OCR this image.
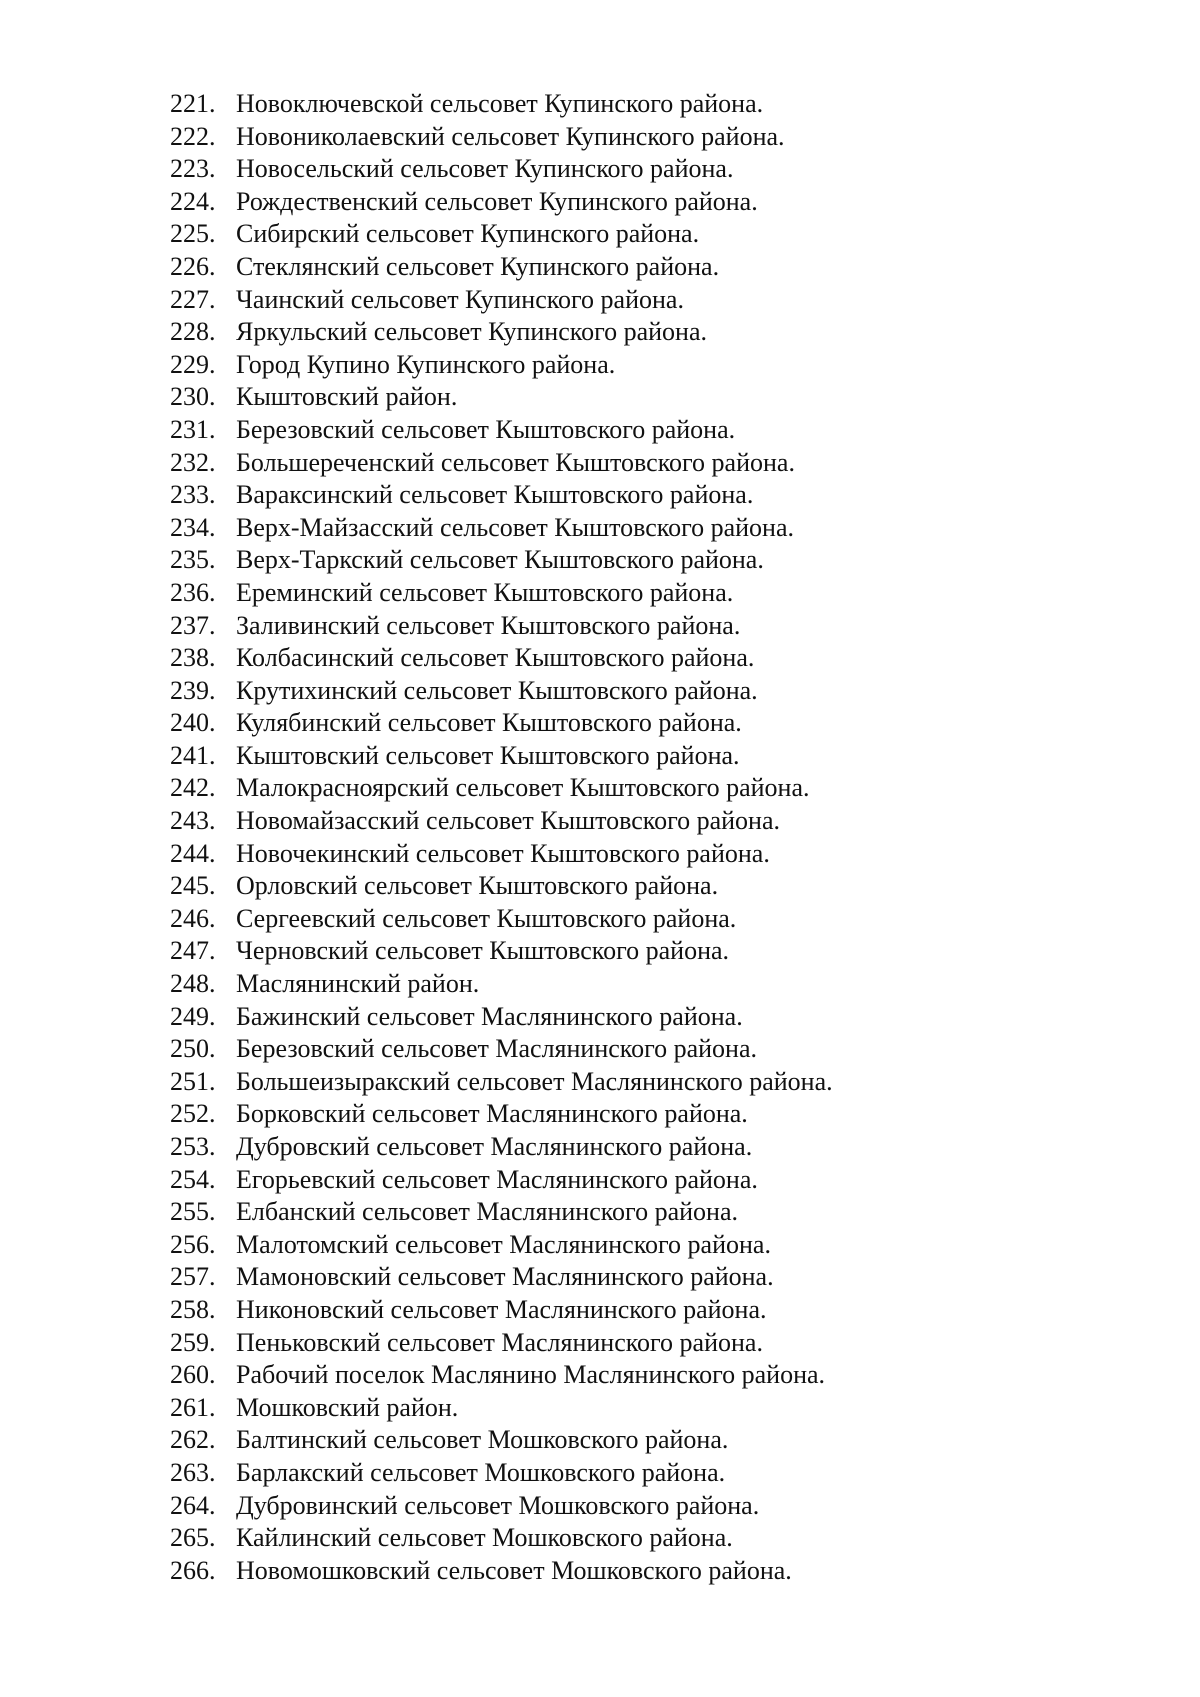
221. Новоключевской сельсовет Купинского района.
222. Новониколаевский сельсовет Купинского района.
223. Новосельский сельсовет Купинского района.
224. Рождественский сельсовет Купинского района.
225. Сибирский сельсовет Купинского района.
226. Стеклянский сельсовет Купинского района.
227. Чаинский сельсовет Купинского района.
228. Яркульский сельсовет Купинского района.
229. Город Купино Купинского района.
230. Кыштовский район.
231. Березовский сельсовет Кыштовского района.
232. Большереченский сельсовет Кыштовского района.
233. Вараксинский сельсовет Кыштовского района.
234. Верх-Майзасский сельсовет Кыштовского района.
235. Верх-Таркский сельсовет Кыштовского района.
236. Ереминский сельсовет Кыштовского района.
237. Заливинский сельсовет Кыштовского района.
238. Колбасинский сельсовет Кыштовского района.
239. Крутихинский сельсовет Кыштовского района.
240. Кулябинский сельсовет Кыштовского района.
241. Кыштовский сельсовет Кыштовского района.
242. Малокрасноярский сельсовет Кыштовского района.
243. Новомайзасский сельсовет Кыштовского района.
244. Новочекинский сельсовет Кыштовского района.
245. Орловский сельсовет Кыштовского района.
246. Сергеевский сельсовет Кыштовского района.
247. Черновский сельсовет Кыштовского района.
248. Маслянинский район.
249. Бажинский сельсовет Маслянинского района.
250. Березовский сельсовет Маслянинского района.
251. Большеизыракский сельсовет Маслянинского района.
252. Борковский сельсовет Маслянинского района.
253. Дубровский сельсовет Маслянинского района.
254. Егорьевский сельсовет Маслянинского района.
255. Елбанский сельсовет Маслянинского района.
256. Малотомский сельсовет Маслянинского района.
257. Мамоновский сельсовет Маслянинского района.
258. Никоновский сельсовет Маслянинского района.
259. Пеньковский сельсовет Маслянинского района.
260. Рабочий поселок Маслянино Маслянинского района.
261. Мошковский район.
262. Балтинский сельсовет Мошковского района.
263. Барлакский сельсовет Мошковского района.
264. Дубровинский сельсовет Мошковского района.
265. Кайлинский сельсовет Мошковского района.
266. Новомошковский сельсовет Мошковского района.
